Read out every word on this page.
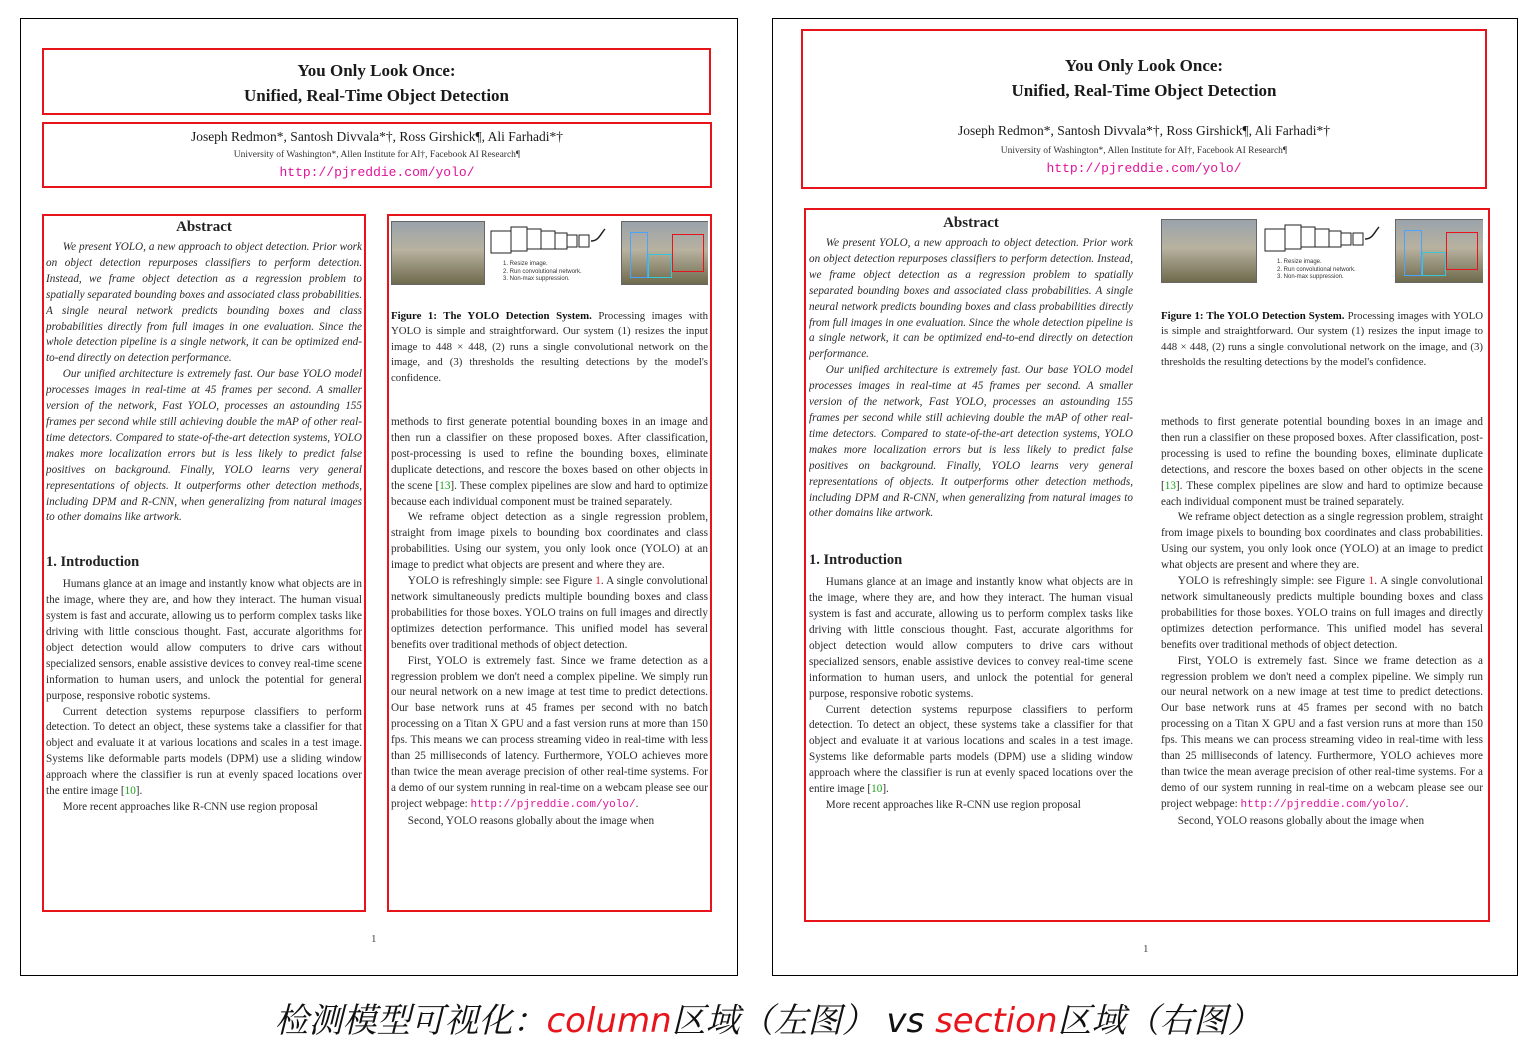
You Only Look Once:
Unified, Real-Time Object Detection
Joseph Redmon*, Santosh Divvala*†, Ross Girshick¶, Ali Farhadi*†
University of Washington*, Allen Institute for AI†, Facebook AI Research¶
http://pjreddie.com/yolo/
Abstract

We present YOLO, a new approach to object detection. Prior work on object detection repurposes classifiers to perform detection. Instead, we frame object detection as a regression problem to spatially separated bounding boxes and associated class probabilities. A single neural network predicts bounding boxes and class probabilities directly from full images in one evaluation. Since the whole detection pipeline is a single network, it can be optimized end-to-end directly on detection performance.

Our unified architecture is extremely fast. Our base YOLO model processes images in real-time at 45 frames per second. A smaller version of the network, Fast YOLO, processes an astounding 155 frames per second while still achieving double the mAP of other real-time detectors. Compared to state-of-the-art detection systems, YOLO makes more localization errors but is less likely to predict false positives on background. Finally, YOLO learns very general representations of objects. It outperforms other detection methods, including DPM and R-CNN, when generalizing from natural images to other domains like artwork.

1. Introduction

Humans glance at an image and instantly know what objects are in the image, where they are, and how they interact. The human visual system is fast and accurate, allowing us to perform complex tasks like driving with little conscious thought. Fast, accurate algorithms for object detection would allow computers to drive cars without specialized sensors, enable assistive devices to convey real-time scene information to human users, and unlock the potential for general purpose, responsive robotic systems.

Current detection systems repurpose classifiers to perform detection. To detect an object, these systems take a classifier for that object and evaluate it at various locations and scales in a test image. Systems like deformable parts models (DPM) use a sliding window approach where the classifier is run at evenly spaced locations over the entire image [10].

More recent approaches like R-CNN use region proposal

1. Resize image.
2. Run convolutional network.
3. Non-max suppression.
Figure 1: The YOLO Detection System. Processing images with YOLO is simple and straightforward. Our system (1) resizes the input image to 448 × 448, (2) runs a single convolutional network on the image, and (3) thresholds the resulting detections by the model's confidence.

methods to first generate potential bounding boxes in an image and then run a classifier on these proposed boxes. After classification, post-processing is used to refine the bounding boxes, eliminate duplicate detections, and rescore the boxes based on other objects in the scene [13]. These complex pipelines are slow and hard to optimize because each individual component must be trained separately.

We reframe object detection as a single regression problem, straight from image pixels to bounding box coordinates and class probabilities. Using our system, you only look once (YOLO) at an image to predict what objects are present and where they are.

YOLO is refreshingly simple: see Figure 1. A single convolutional network simultaneously predicts multiple bounding boxes and class probabilities for those boxes. YOLO trains on full images and directly optimizes detection performance. This unified model has several benefits over traditional methods of object detection.

First, YOLO is extremely fast. Since we frame detection as a regression problem we don't need a complex pipeline. We simply run our neural network on a new image at test time to predict detections. Our base network runs at 45 frames per second with no batch processing on a Titan X GPU and a fast version runs at more than 150 fps. This means we can process streaming video in real-time with less than 25 milliseconds of latency. Furthermore, YOLO achieves more than twice the mean average precision of other real-time systems. For a demo of our system running in real-time on a webcam please see our project webpage: http://pjreddie.com/yolo/.

Second, YOLO reasons globally about the image when

1
You Only Look Once:
Unified, Real-Time Object Detection
Joseph Redmon*, Santosh Divvala*†, Ross Girshick¶, Ali Farhadi*†
University of Washington*, Allen Institute for AI†, Facebook AI Research¶
http://pjreddie.com/yolo/
Abstract

We present YOLO, a new approach to object detection. Prior work on object detection repurposes classifiers to perform detection. Instead, we frame object detection as a regression problem to spatially separated bounding boxes and associated class probabilities. A single neural network predicts bounding boxes and class probabilities directly from full images in one evaluation. Since the whole detection pipeline is a single network, it can be optimized end-to-end directly on detection performance.

Our unified architecture is extremely fast. Our base YOLO model processes images in real-time at 45 frames per second. A smaller version of the network, Fast YOLO, processes an astounding 155 frames per second while still achieving double the mAP of other real-time detectors. Compared to state-of-the-art detection systems, YOLO makes more localization errors but is less likely to predict false positives on background. Finally, YOLO learns very general representations of objects. It outperforms other detection methods, including DPM and R-CNN, when generalizing from natural images to other domains like artwork.

1. Introduction

Humans glance at an image and instantly know what objects are in the image, where they are, and how they interact. The human visual system is fast and accurate, allowing us to perform complex tasks like driving with little conscious thought. Fast, accurate algorithms for object detection would allow computers to drive cars without specialized sensors, enable assistive devices to convey real-time scene information to human users, and unlock the potential for general purpose, responsive robotic systems.

Current detection systems repurpose classifiers to perform detection. To detect an object, these systems take a classifier for that object and evaluate it at various locations and scales in a test image. Systems like deformable parts models (DPM) use a sliding window approach where the classifier is run at evenly spaced locations over the entire image [10].

More recent approaches like R-CNN use region proposal

1. Resize image.
2. Run convolutional network.
3. Non-max suppression.
Figure 1: The YOLO Detection System. Processing images with YOLO is simple and straightforward. Our system (1) resizes the input image to 448 × 448, (2) runs a single convolutional network on the image, and (3) thresholds the resulting detections by the model's confidence.

methods to first generate potential bounding boxes in an image and then run a classifier on these proposed boxes. After classification, post-processing is used to refine the bounding boxes, eliminate duplicate detections, and rescore the boxes based on other objects in the scene [13]. These complex pipelines are slow and hard to optimize because each individual component must be trained separately.

We reframe object detection as a single regression problem, straight from image pixels to bounding box coordinates and class probabilities. Using our system, you only look once (YOLO) at an image to predict what objects are present and where they are.

YOLO is refreshingly simple: see Figure 1. A single convolutional network simultaneously predicts multiple bounding boxes and class probabilities for those boxes. YOLO trains on full images and directly optimizes detection performance. This unified model has several benefits over traditional methods of object detection.

First, YOLO is extremely fast. Since we frame detection as a regression problem we don't need a complex pipeline. We simply run our neural network on a new image at test time to predict detections. Our base network runs at 45 frames per second with no batch processing on a Titan X GPU and a fast version runs at more than 150 fps. This means we can process streaming video in real-time with less than 25 milliseconds of latency. Furthermore, YOLO achieves more than twice the mean average precision of other real-time systems. For a demo of our system running in real-time on a webcam please see our project webpage: http://pjreddie.com/yolo/.

Second, YOLO reasons globally about the image when

1
检测模型可视化：column区域（左图） vs section区域（右图）
